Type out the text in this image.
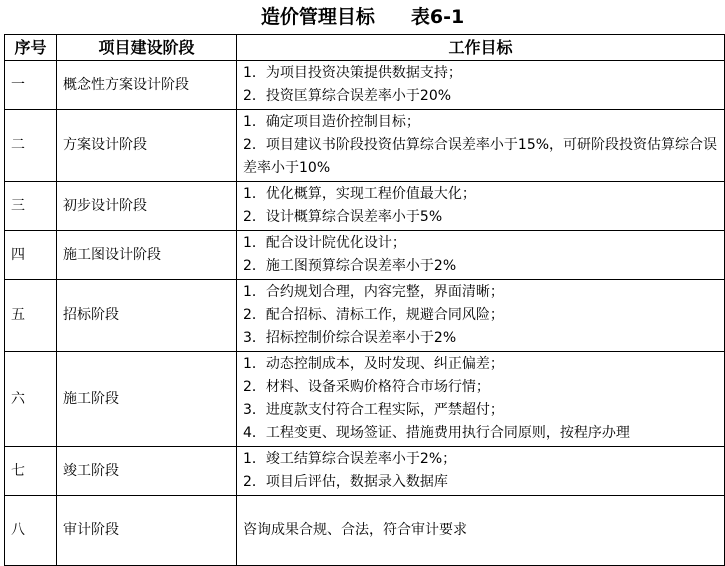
造价管理目标 表6-1
序号	项目建设阶段	工作目标
一	概念性方案设计阶段	1．为项目投资决策提供数据支持；
2．投资匡算综合误差率小于20%

二	方案设计阶段	1．确定项目造价控制目标；
2．项目建议书阶段投资估算综合误差率小于15%，可研阶段投资估算综合误差率小于10%

三	初步设计阶段	1．优化概算，实现工程价值最大化；
2．设计概算综合误差率小于5%

四	施工图设计阶段	1．配合设计院优化设计；
2．施工图预算综合误差率小于2%

五	招标阶段	1．合约规划合理，内容完整，界面清晰；
2．配合招标、清标工作，规避合同风险；
3．招标控制价综合误差率小于2%

六	施工阶段	1．动态控制成本，及时发现、纠正偏差；
2．材料、设备采购价格符合市场行情；
3．进度款支付符合工程实际，严禁超付；
4．工程变更、现场签证、措施费用执行合同原则，按程序办理

七	竣工阶段	1．竣工结算综合误差率小于2%；
2．项目后评估，数据录入数据库

八	审计阶段	咨询成果合规、合法，符合审计要求
